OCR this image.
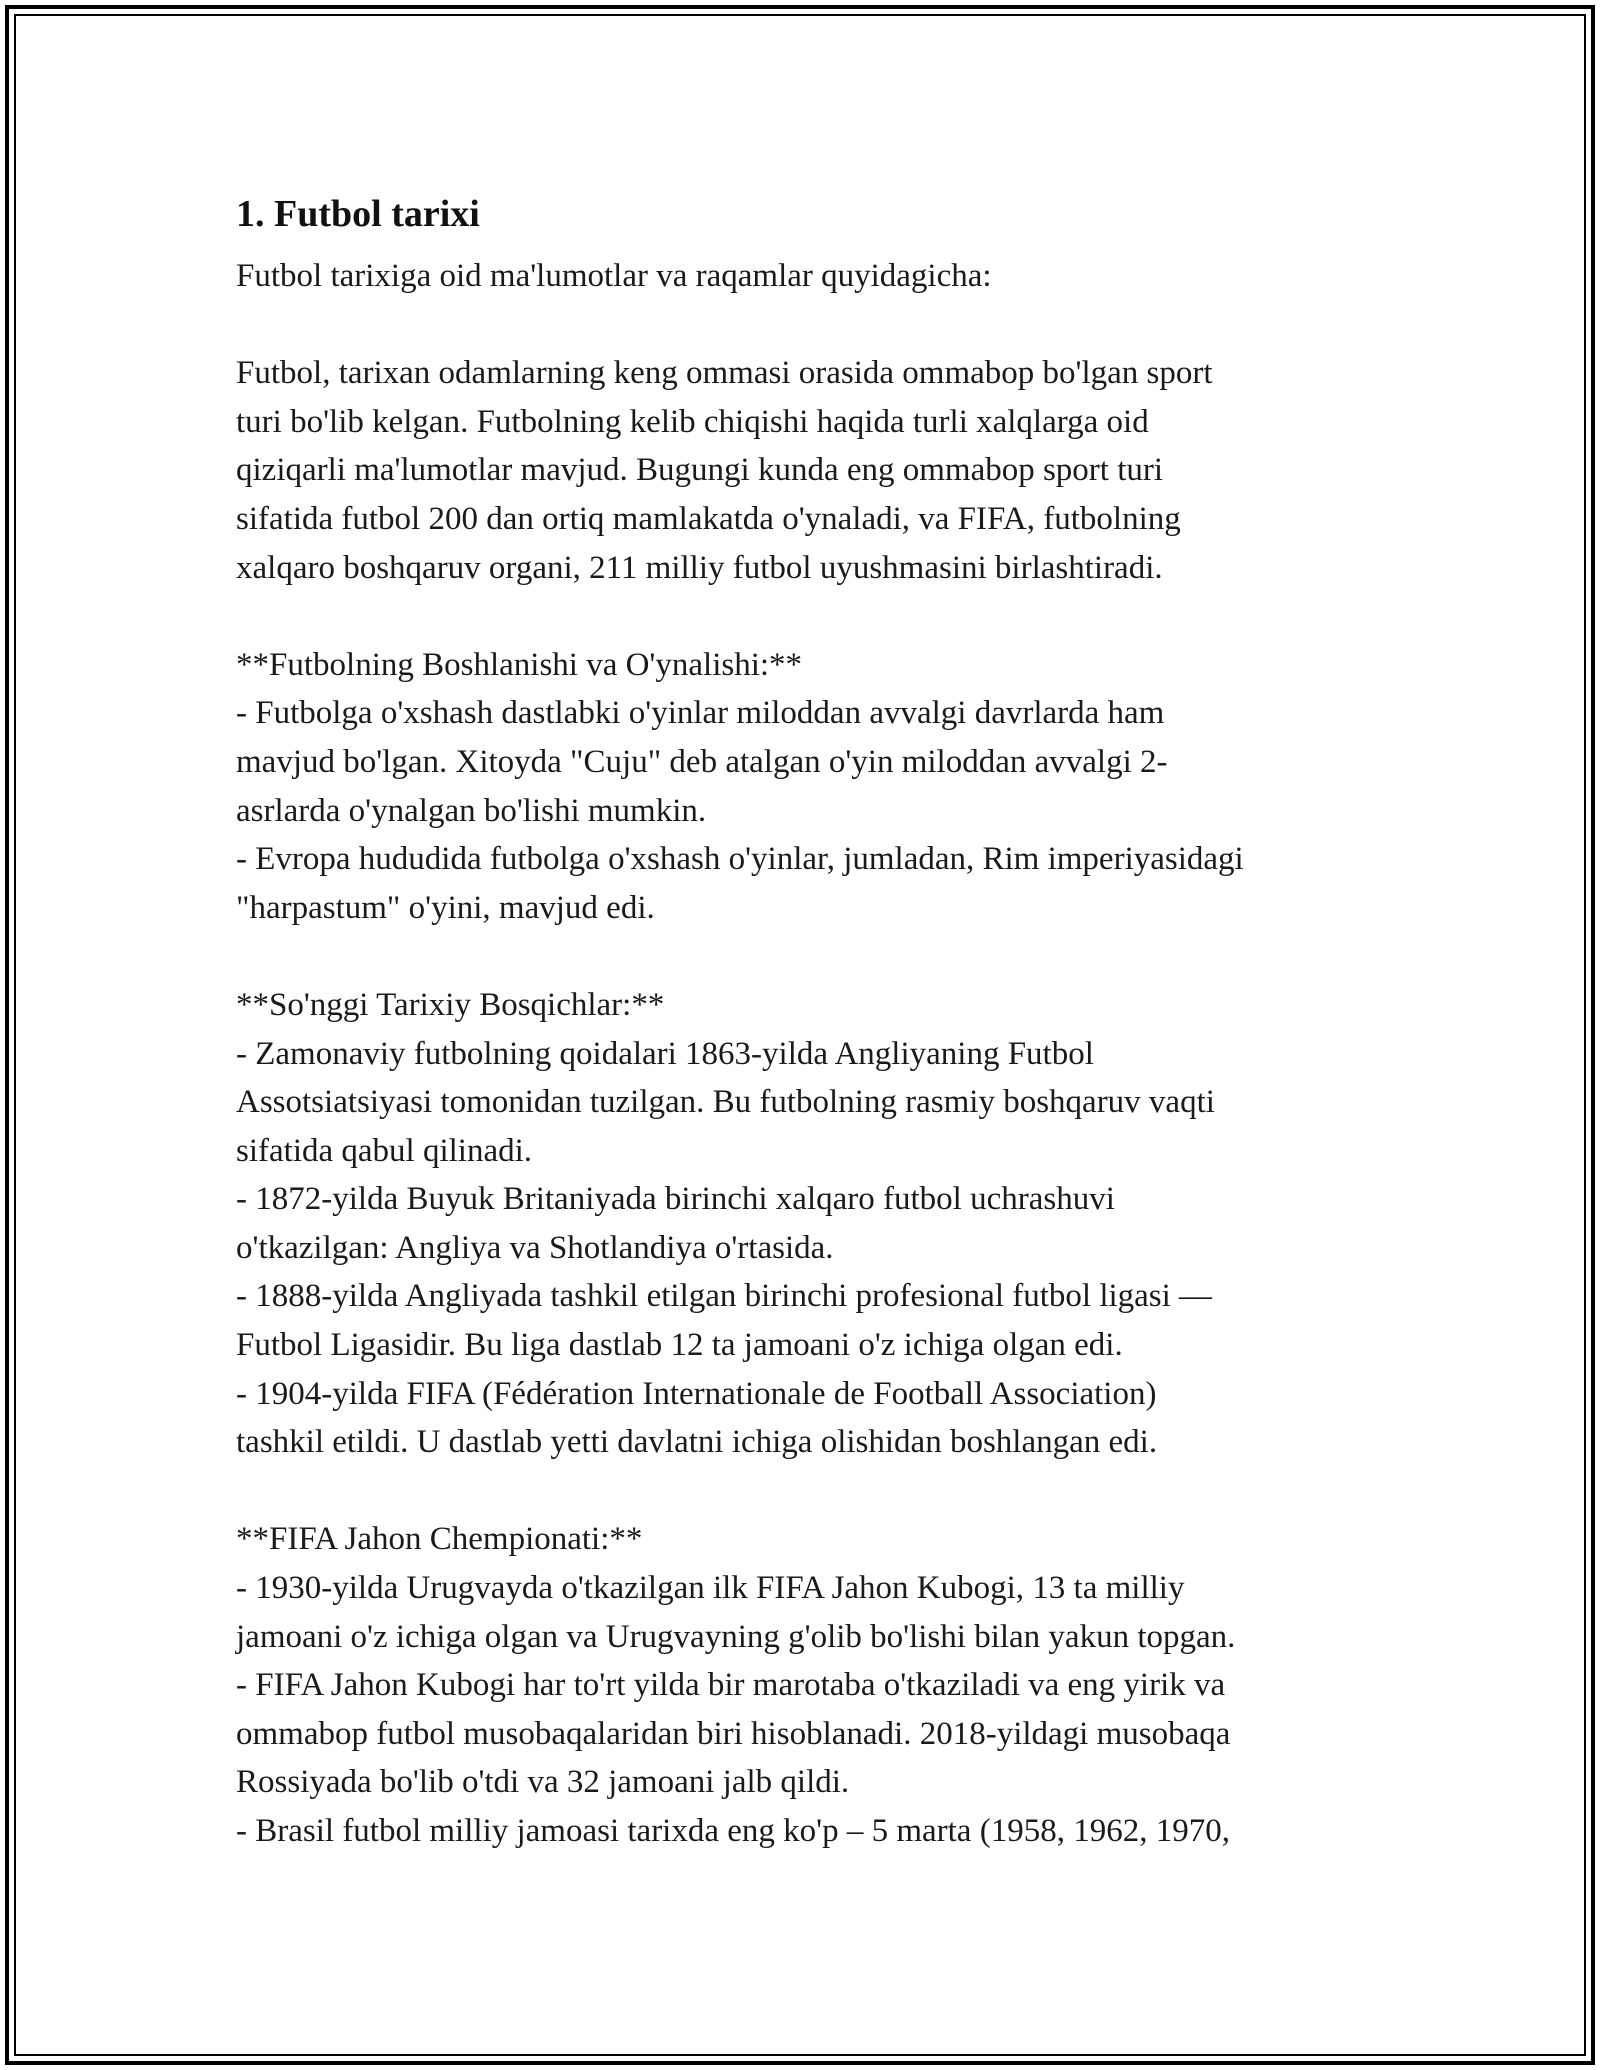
1. Futbol tarixi
Futbol tarixiga oid ma'lumotlar va raqamlar quyidagicha:
Futbol, tarixan odamlarning keng ommasi orasida ommabop bo'lgan sport
turi bo'lib kelgan. Futbolning kelib chiqishi haqida turli xalqlarga oid
qiziqarli ma'lumotlar mavjud. Bugungi kunda eng ommabop sport turi
sifatida futbol 200 dan ortiq mamlakatda o'ynaladi, va FIFA, futbolning
xalqaro boshqaruv organi, 211 milliy futbol uyushmasini birlashtiradi.
**Futbolning Boshlanishi va O'ynalishi:**
- Futbolga o'xshash dastlabki o'yinlar miloddan avvalgi davrlarda ham
mavjud bo'lgan. Xitoyda "Cuju" deb atalgan o'yin miloddan avvalgi 2-
asrlarda o'ynalgan bo'lishi mumkin.
- Evropa hududida futbolga o'xshash o'yinlar, jumladan, Rim imperiyasidagi
"harpastum" o'yini, mavjud edi.
**So'nggi Tarixiy Bosqichlar:**
- Zamonaviy futbolning qoidalari 1863-yilda Angliyaning Futbol
Assotsiatsiyasi tomonidan tuzilgan. Bu futbolning rasmiy boshqaruv vaqti
sifatida qabul qilinadi.
- 1872-yilda Buyuk Britaniyada birinchi xalqaro futbol uchrashuvi
o'tkazilgan: Angliya va Shotlandiya o'rtasida.
- 1888-yilda Angliyada tashkil etilgan birinchi profesional futbol ligasi —
Futbol Ligasidir. Bu liga dastlab 12 ta jamoani o'z ichiga olgan edi.
- 1904-yilda FIFA (Fédération Internationale de Football Association)
tashkil etildi. U dastlab yetti davlatni ichiga olishidan boshlangan edi.
**FIFA Jahon Chempionati:**
- 1930-yilda Urugvayda o'tkazilgan ilk FIFA Jahon Kubogi, 13 ta milliy
jamoani o'z ichiga olgan va Urugvayning g'olib bo'lishi bilan yakun topgan.
- FIFA Jahon Kubogi har to'rt yilda bir marotaba o'tkaziladi va eng yirik va
ommabop futbol musobaqalaridan biri hisoblanadi. 2018-yildagi musobaqa
Rossiyada bo'lib o'tdi va 32 jamoani jalb qildi.
- Brasil futbol milliy jamoasi tarixda eng ko'p – 5 marta (1958, 1962, 1970,
